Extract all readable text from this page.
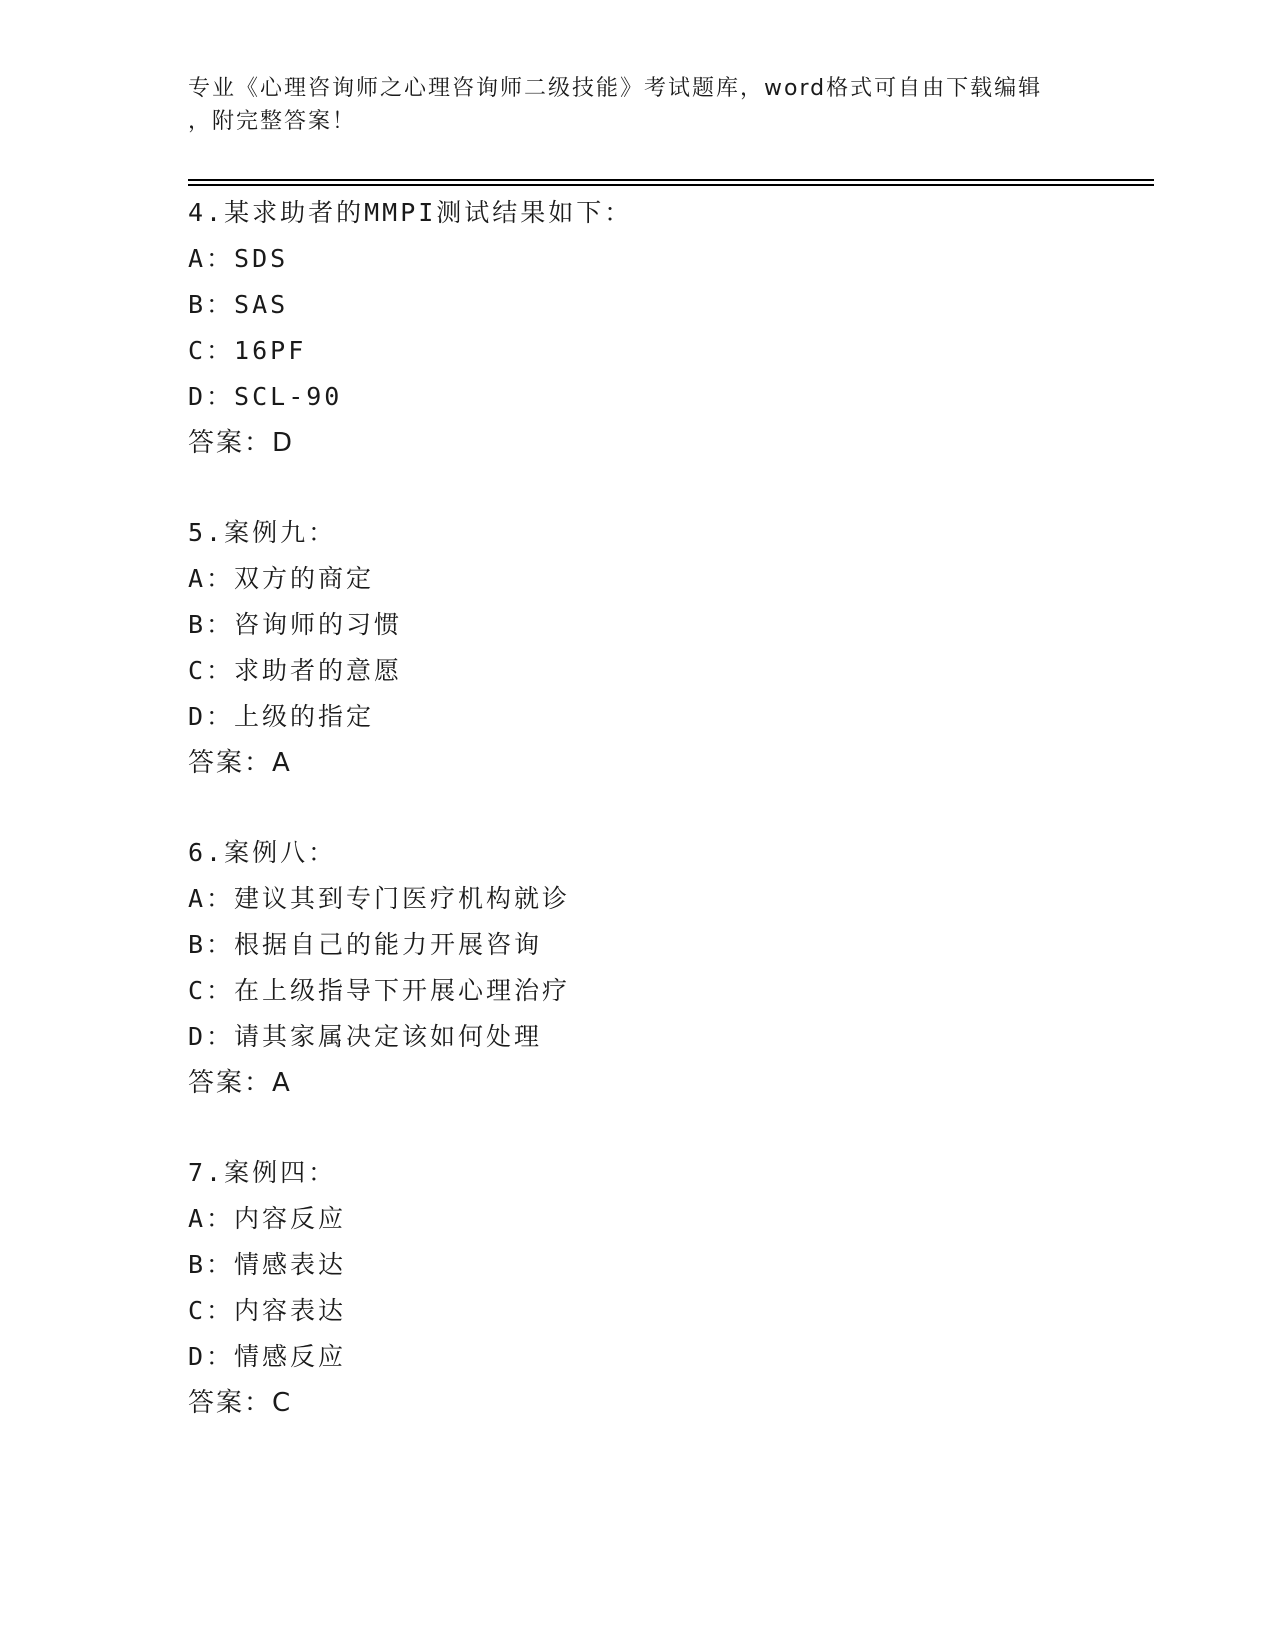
专业《心理咨询师之心理咨询师二级技能》考试题库，word格式可自由下载编辑
，附完整答案！
4.某求助者的MMPI测试结果如下：
A：SDS
B：SAS
C：16PF
D：SCL-90
答案：D
5.案例九：
A：双方的商定
B：咨询师的习惯
C：求助者的意愿
D：上级的指定
答案：A
6.案例八：
A：建议其到专门医疗机构就诊
B：根据自己的能力开展咨询
C：在上级指导下开展心理治疗
D：请其家属决定该如何处理
答案：A
7.案例四：
A：内容反应
B：情感表达
C：内容表达
D：情感反应
答案：C
